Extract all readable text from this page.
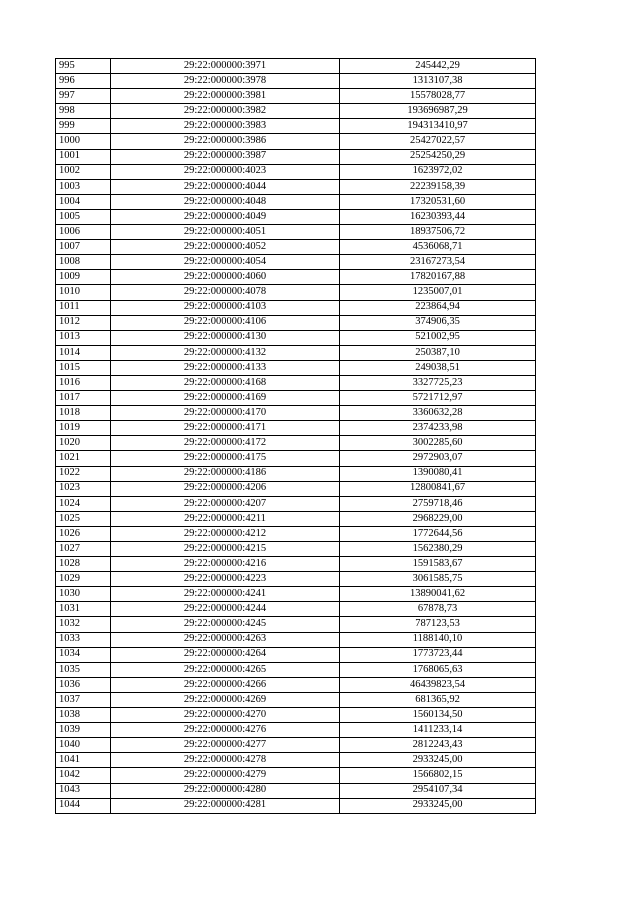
995	29:22:000000:3971	245442,29
996	29:22:000000:3978	1313107,38
997	29:22:000000:3981	15578028,77
998	29:22:000000:3982	193696987,29
999	29:22:000000:3983	194313410,97
1000	29:22:000000:3986	25427022,57
1001	29:22:000000:3987	25254250,29
1002	29:22:000000:4023	1623972,02
1003	29:22:000000:4044	22239158,39
1004	29:22:000000:4048	17320531,60
1005	29:22:000000:4049	16230393,44
1006	29:22:000000:4051	18937506,72
1007	29:22:000000:4052	4536068,71
1008	29:22:000000:4054	23167273,54
1009	29:22:000000:4060	17820167,88
1010	29:22:000000:4078	1235007,01
1011	29:22:000000:4103	223864,94
1012	29:22:000000:4106	374906,35
1013	29:22:000000:4130	521002,95
1014	29:22:000000:4132	250387,10
1015	29:22:000000:4133	249038,51
1016	29:22:000000:4168	3327725,23
1017	29:22:000000:4169	5721712,97
1018	29:22:000000:4170	3360632,28
1019	29:22:000000:4171	2374233,98
1020	29:22:000000:4172	3002285,60
1021	29:22:000000:4175	2972903,07
1022	29:22:000000:4186	1390080,41
1023	29:22:000000:4206	12800841,67
1024	29:22:000000:4207	2759718,46
1025	29:22:000000:4211	2968229,00
1026	29:22:000000:4212	1772644,56
1027	29:22:000000:4215	1562380,29
1028	29:22:000000:4216	1591583,67
1029	29:22:000000:4223	3061585,75
1030	29:22:000000:4241	13890041,62
1031	29:22:000000:4244	67878,73
1032	29:22:000000:4245	787123,53
1033	29:22:000000:4263	1188140,10
1034	29:22:000000:4264	1773723,44
1035	29:22:000000:4265	1768065,63
1036	29:22:000000:4266	46439823,54
1037	29:22:000000:4269	681365,92
1038	29:22:000000:4270	1560134,50
1039	29:22:000000:4276	1411233,14
1040	29:22:000000:4277	2812243,43
1041	29:22:000000:4278	2933245,00
1042	29:22:000000:4279	1566802,15
1043	29:22:000000:4280	2954107,34
1044	29:22:000000:4281	2933245,00
